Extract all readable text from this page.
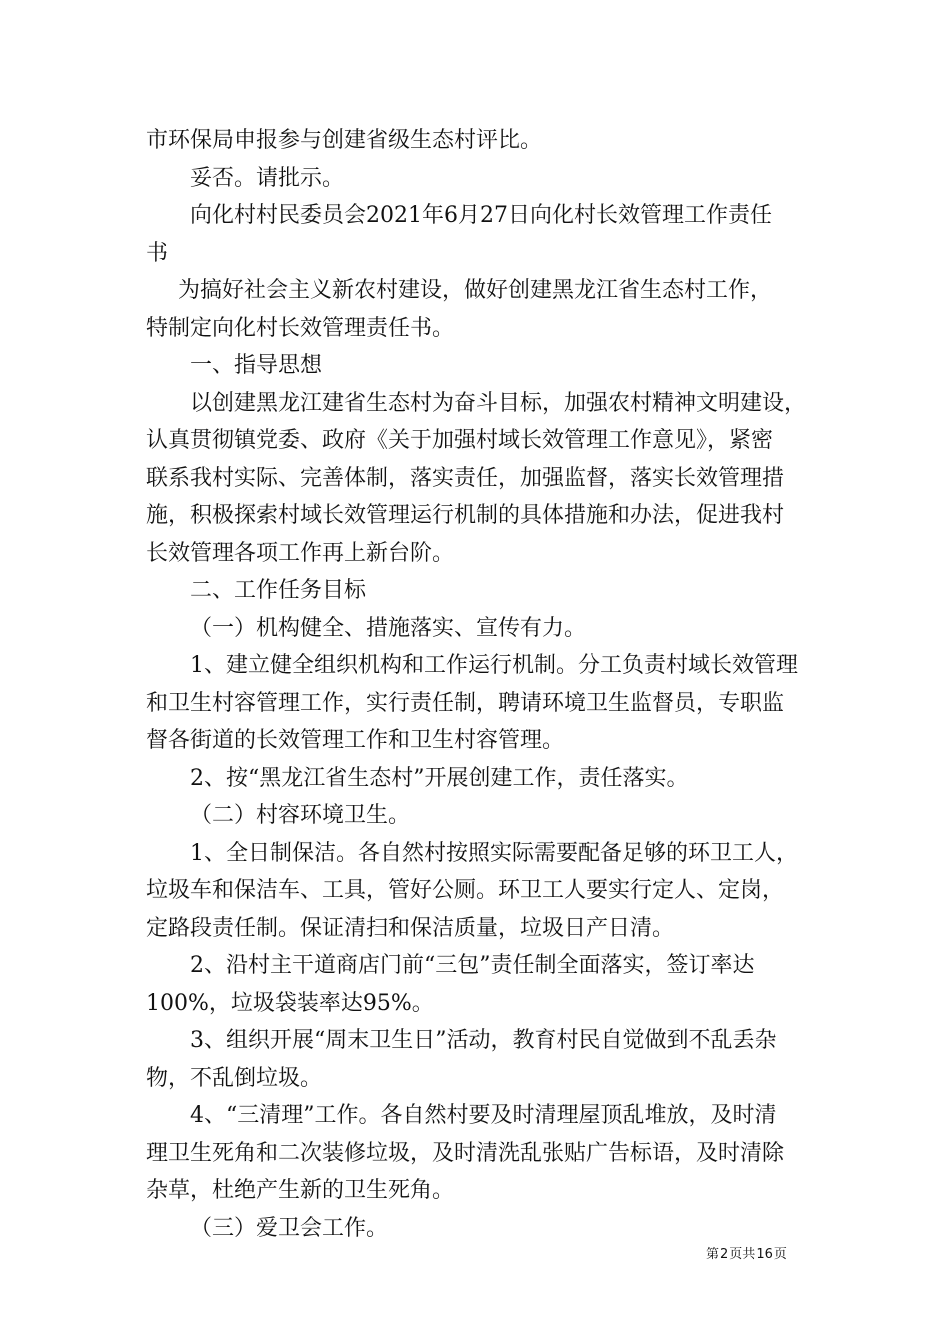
市环保局申报参与创建省级生态村评比。

妥否。请批示。

向化村村民委员会2021年6月27日向化村长效管理工作责任

书

为搞好社会主义新农村建设，做好创建黑龙江省生态村工作，

特制定向化村长效管理责任书。

一、指导思想

以创建黑龙江建省生态村为奋斗目标，加强农村精神文明建设，

认真贯彻镇党委、政府《关于加强村域长效管理工作意见》，紧密

联系我村实际、完善体制，落实责任，加强监督，落实长效管理措

施，积极探索村域长效管理运行机制的具体措施和办法，促进我村

长效管理各项工作再上新台阶。

二、工作任务目标

（一）机构健全、措施落实、宣传有力。

1、建立健全组织机构和工作运行机制。分工负责村域长效管理

和卫生村容管理工作，实行责任制，聘请环境卫生监督员，专职监

督各街道的长效管理工作和卫生村容管理。

2、按“黑龙江省生态村”开展创建工作，责任落实。

（二）村容环境卫生。

1、全日制保洁。各自然村按照实际需要配备足够的环卫工人，

垃圾车和保洁车、工具，管好公厕。环卫工人要实行定人、定岗，

定路段责任制。保证清扫和保洁质量，垃圾日产日清。

2、沿村主干道商店门前“三包”责任制全面落实，签订率达

100%，垃圾袋装率达95%。

3、组织开展“周末卫生日”活动，教育村民自觉做到不乱丢杂

物，不乱倒垃圾。

4、“三清理”工作。各自然村要及时清理屋顶乱堆放，及时清

理卫生死角和二次装修垃圾，及时清洗乱张贴广告标语，及时清除

杂草，杜绝产生新的卫生死角。

（三）爱卫会工作。

第2页共16页
